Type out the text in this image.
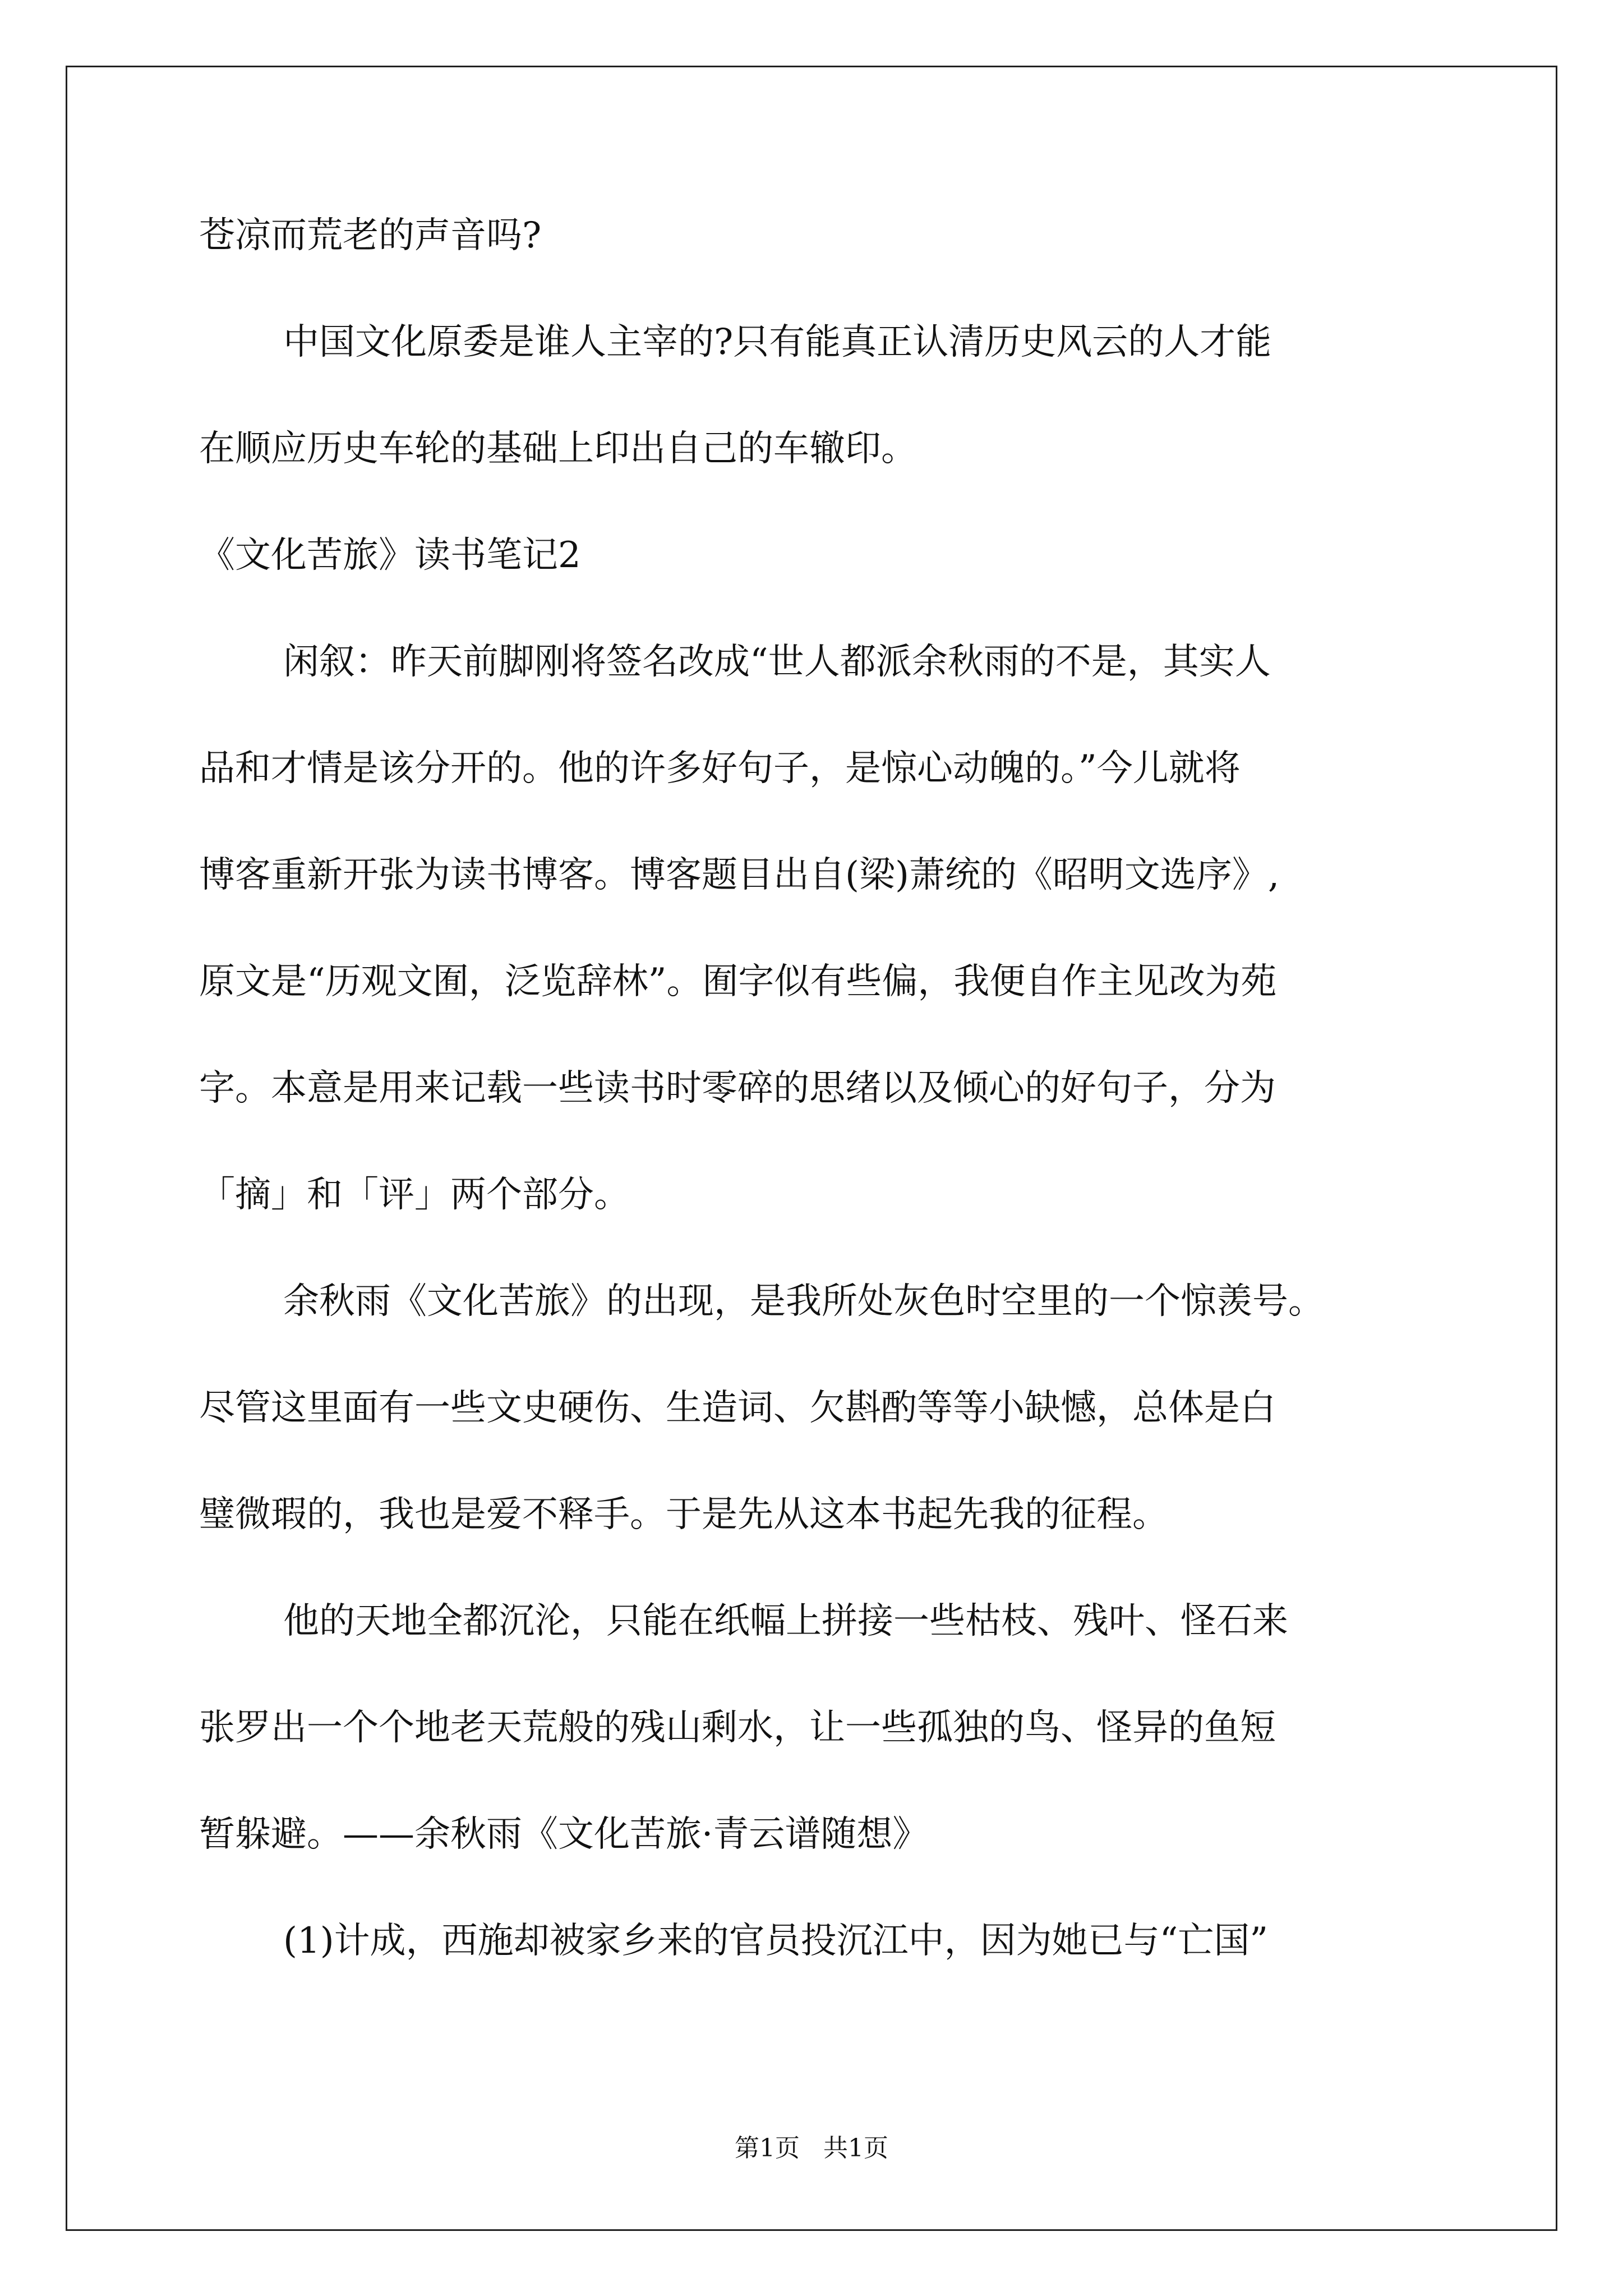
苍凉而荒老的声音吗?
中国文化原委是谁人主宰的?只有能真正认清历史风云的人才能
在顺应历史车轮的基础上印出自己的车辙印。
《文化苦旅》读书笔记2
闲叙：昨天前脚刚将签名改成“世人都派余秋雨的不是，其实人
品和才情是该分开的。他的许多好句子，是惊心动魄的。”今儿就将
博客重新开张为读书博客。博客题目出自(梁)萧统的《昭明文选序》,
原文是“历观文囿，泛览辞林”。囿字似有些偏，我便自作主见改为苑
字。本意是用来记载一些读书时零碎的思绪以及倾心的好句子，分为
「摘」和「评」两个部分。
余秋雨《文化苦旅》的出现，是我所处灰色时空里的一个惊羡号。
尽管这里面有一些文史硬伤、生造词、欠斟酌等等小缺憾，总体是白
璧微瑕的，我也是爱不释手。于是先从这本书起先我的征程。
他的天地全都沉沦，只能在纸幅上拼接一些枯枝、残叶、怪石来
张罗出一个个地老天荒般的残山剩水，让一些孤独的鸟、怪异的鱼短
暂躲避。——余秋雨《文化苦旅·青云谱随想》
(1)计成，西施却被家乡来的官员投沉江中，因为她已与“亡国”
第1页   共1页
